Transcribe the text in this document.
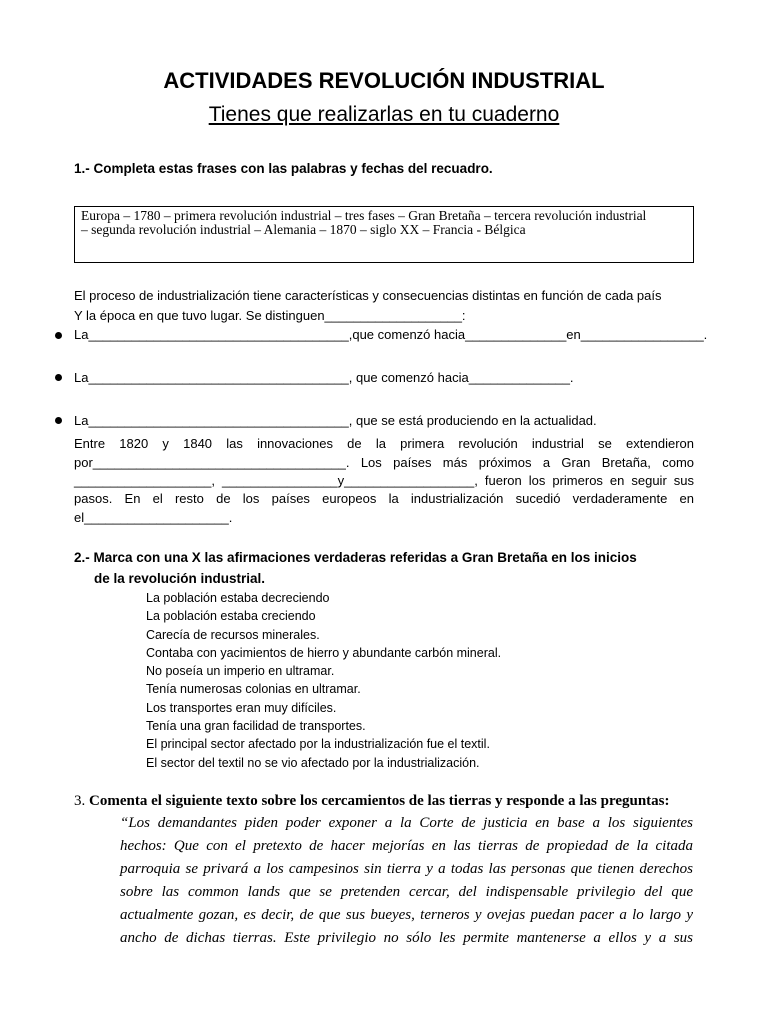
ACTIVIDADES REVOLUCIÓN INDUSTRIAL
Tienes que realizarlas en tu cuaderno
1.- Completa estas frases con las palabras y fechas del recuadro.
Europa – 1780 – primera revolución industrial – tres fases – Gran Bretaña – tercera revolución industrial
– segunda revolución industrial – Alemania – 1870 – siglo XX – Francia - Bélgica
El proceso de industrialización tiene características y consecuencias distintas en función de cada país
Y la época en que tuvo lugar. Se distinguen___________________:
La____________________________________,que comenzó hacia______________en_________________.
La____________________________________, que comenzó hacia______________.
La____________________________________, que se está produciendo en la actualidad.
Entre 1820 y 1840 las innovaciones de la primera revolución industrial se extendieron
por___________________________________. Los países más próximos a Gran Bretaña, como
___________________, ________________y__________________, fueron los primeros en seguir sus
pasos. En el resto de los países europeos la industrialización sucedió verdaderamente en
el____________________.
2.- Marca con una X las afirmaciones verdaderas referidas a Gran Bretaña en los inicios
de la revolución industrial.
La población estaba decreciendo
La población estaba creciendo
Carecía de recursos minerales.
Contaba con yacimientos de hierro y abundante carbón mineral.
No poseía un imperio en ultramar.
Tenía numerosas colonias en ultramar.
Los transportes eran muy difíciles.
Tenía una gran facilidad de transportes.
El principal sector afectado por la industrialización fue el textil.
El sector del textil no se vio afectado por la industrialización.
3. Comenta el siguiente texto sobre los cercamientos de las tierras y responde a las preguntas:
“Los demandantes piden poder exponer a la Corte de justicia en base a los siguientes
hechos: Que con el pretexto de hacer mejorías en las tierras de propiedad de la citada
parroquia se privará a los campesinos sin tierra y a todas las personas que tienen derechos
sobre las common lands que se pretenden cercar, del indispensable privilegio del que
actualmente gozan, es decir, de que sus bueyes, terneros y ovejas puedan pacer a lo largo y
ancho de dichas tierras. Este privilegio no sólo les permite mantenerse a ellos y a sus
